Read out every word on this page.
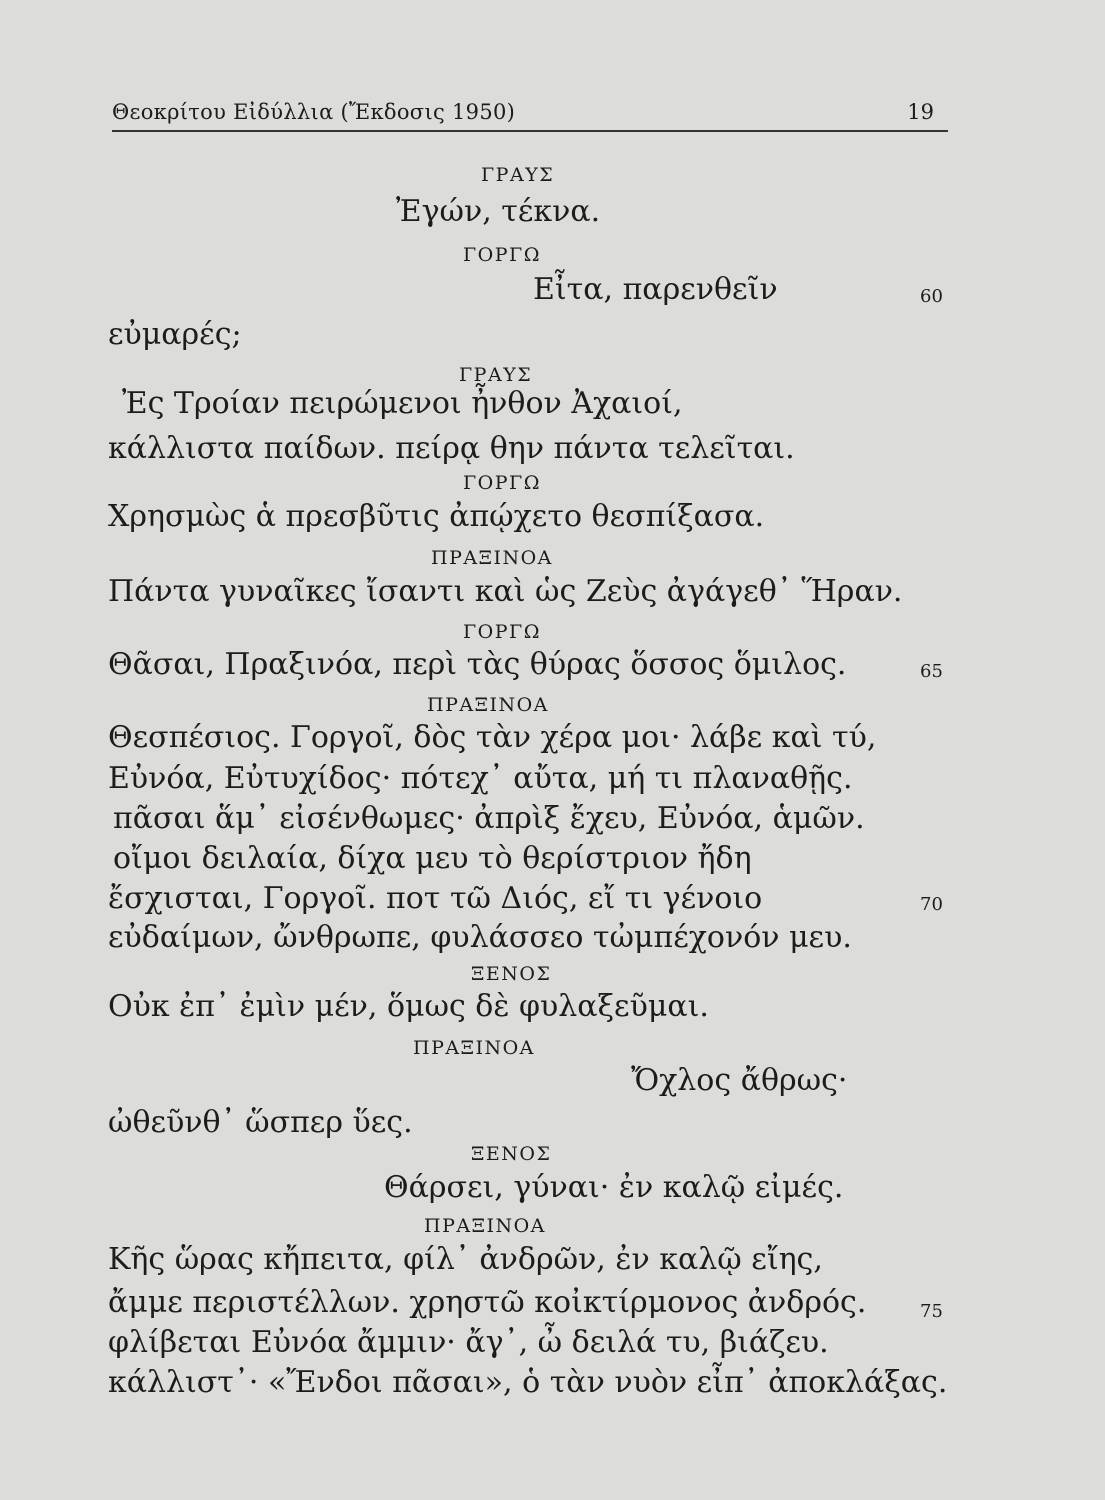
Θεοκρίτου Εἰδύλλια (Ἔκδοσις 1950)	19
ΓΡΑΥΣ
Ἐγών, τέκνα.
ΓΟΡΓΩ
Εἶτα, παρενθεῖν	60
εὐμαρές;
ΓΡΑΥΣ
Ἐς Τροίαν πειρώμενοι ἦνθον Ἀχαιοί,
κάλλιστα παίδων. πείρᾳ θην πάντα τελεῖται.
ΓΟΡΓΩ
Χρησμὼς ἁ πρεσβῦτις ἀπῴχετο θεσπίξασα.
ΠΡΑΞΙΝΟΑ
Πάντα γυναῖκες ἴσαντι καὶ ὡς Ζεὺς ἀγάγεθ᾽ Ἥραν.
ΓΟΡΓΩ
Θᾶσαι, Πραξινόα, περὶ τὰς θύρας ὅσσος ὅμιλος.	65
ΠΡΑΞΙΝΟΑ
Θεσπέσιος. Γοργοῖ, δὸς τὰν χέρα μοι· λάβε καὶ τύ,
Εὐνόα, Εὐτυχίδος· πότεχ᾽ αὔτα, μή τι πλαναθῇς.
πᾶσαι ἅμ᾽ εἰσένθωμες· ἀπρὶξ ἔχευ, Εὐνόα, ἁμῶν.
οἴμοι δειλαία, δίχα μευ τὸ θερίστριον ἤδη
ἔσχισται, Γοργοῖ. ποτ τῶ Διός, εἴ τι γένοιο	70
εὐδαίμων, ὤνθρωπε, φυλάσσεο τὠμπέχονόν μευ.
ΞΕΝΟΣ
Οὐκ ἐπ᾽ ἐμὶν μέν, ὅμως δὲ φυλαξεῦμαι.
ΠΡΑΞΙΝΟΑ
Ὄχλος ἄθρως·
ὠθεῦνθ᾽ ὥσπερ ὕες.
ΞΕΝΟΣ
Θάρσει, γύναι· ἐν καλῷ εἰμές.
ΠΡΑΞΙΝΟΑ
Κῆς ὥρας κἤπειτα, φίλ᾽ ἀνδρῶν, ἐν καλῷ εἴης,
ἄμμε περιστέλλων. χρηστῶ κοἰκτίρμονος ἀνδρός.	75
φλίβεται Εὐνόα ἄμμιν· ἄγ᾽, ὦ δειλά τυ, βιάζευ.
κάλλιστ᾽· «Ἔνδοι πᾶσαι», ὁ τὰν νυὸν εἶπ᾽ ἀποκλάξας.
